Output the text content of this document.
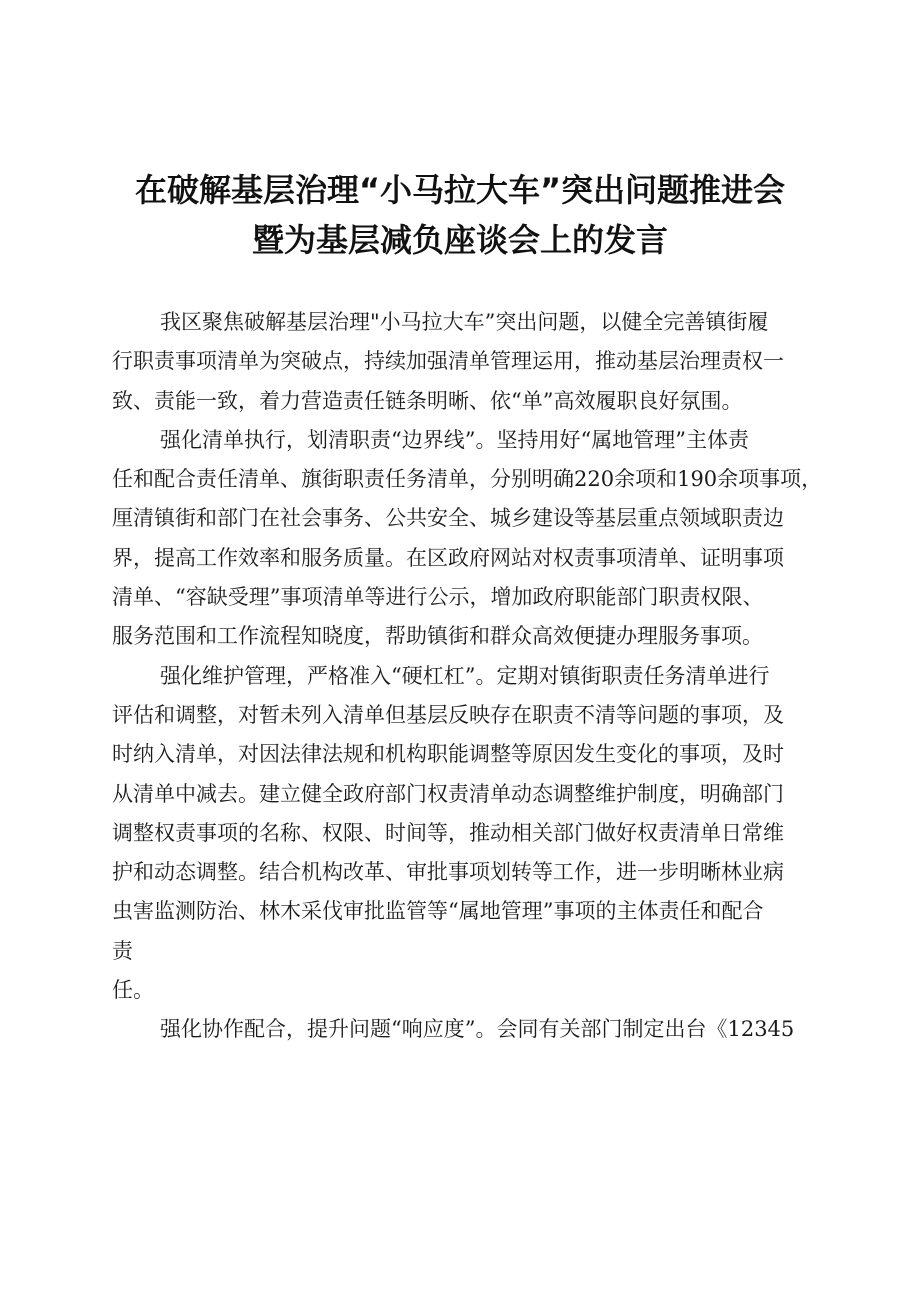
在破解基层治理“小马拉大车”突出问题推进会
暨为基层减负座谈会上的发言

我区聚焦破解基层治理"小马拉大车”突出问题，以健全完善镇街履
行职责事项清单为突破点，持续加强清单管理运用，推动基层治理责权一
致、责能一致，着力营造责任链条明晰、依“单”高效履职良好氛围。

强化清单执行，划清职责“边界线”。坚持用好“属地管理”主体责
任和配合责任清单、旗街职责任务清单，分别明确220余项和190余项事项，
厘清镇街和部门在社会事务、公共安全、城乡建设等基层重点领域职责边
界，提高工作效率和服务质量。在区政府网站对权责事项清单、证明事项
清单、“容缺受理”事项清单等进行公示，增加政府职能部门职责权限、
服务范围和工作流程知晓度，帮助镇街和群众高效便捷办理服务事项。

强化维护管理，严格准入“硬杠杠”。定期对镇街职责任务清单进行
评估和调整，对暂未列入清单但基层反映存在职责不清等问题的事项，及
时纳入清单，对因法律法规和机构职能调整等原因发生变化的事项，及时
从清单中减去。建立健全政府部门权责清单动态调整维护制度，明确部门
调整权责事项的名称、权限、时间等，推动相关部门做好权责清单日常维
护和动态调整。结合机构改革、审批事项划转等工作，进一步明晰林业病
虫害监测防治、林木采伐审批监管等“属地管理”事项的主体责任和配合
责
任。

强化协作配合，提升问题“响应度”。会同有关部门制定出台《12345
